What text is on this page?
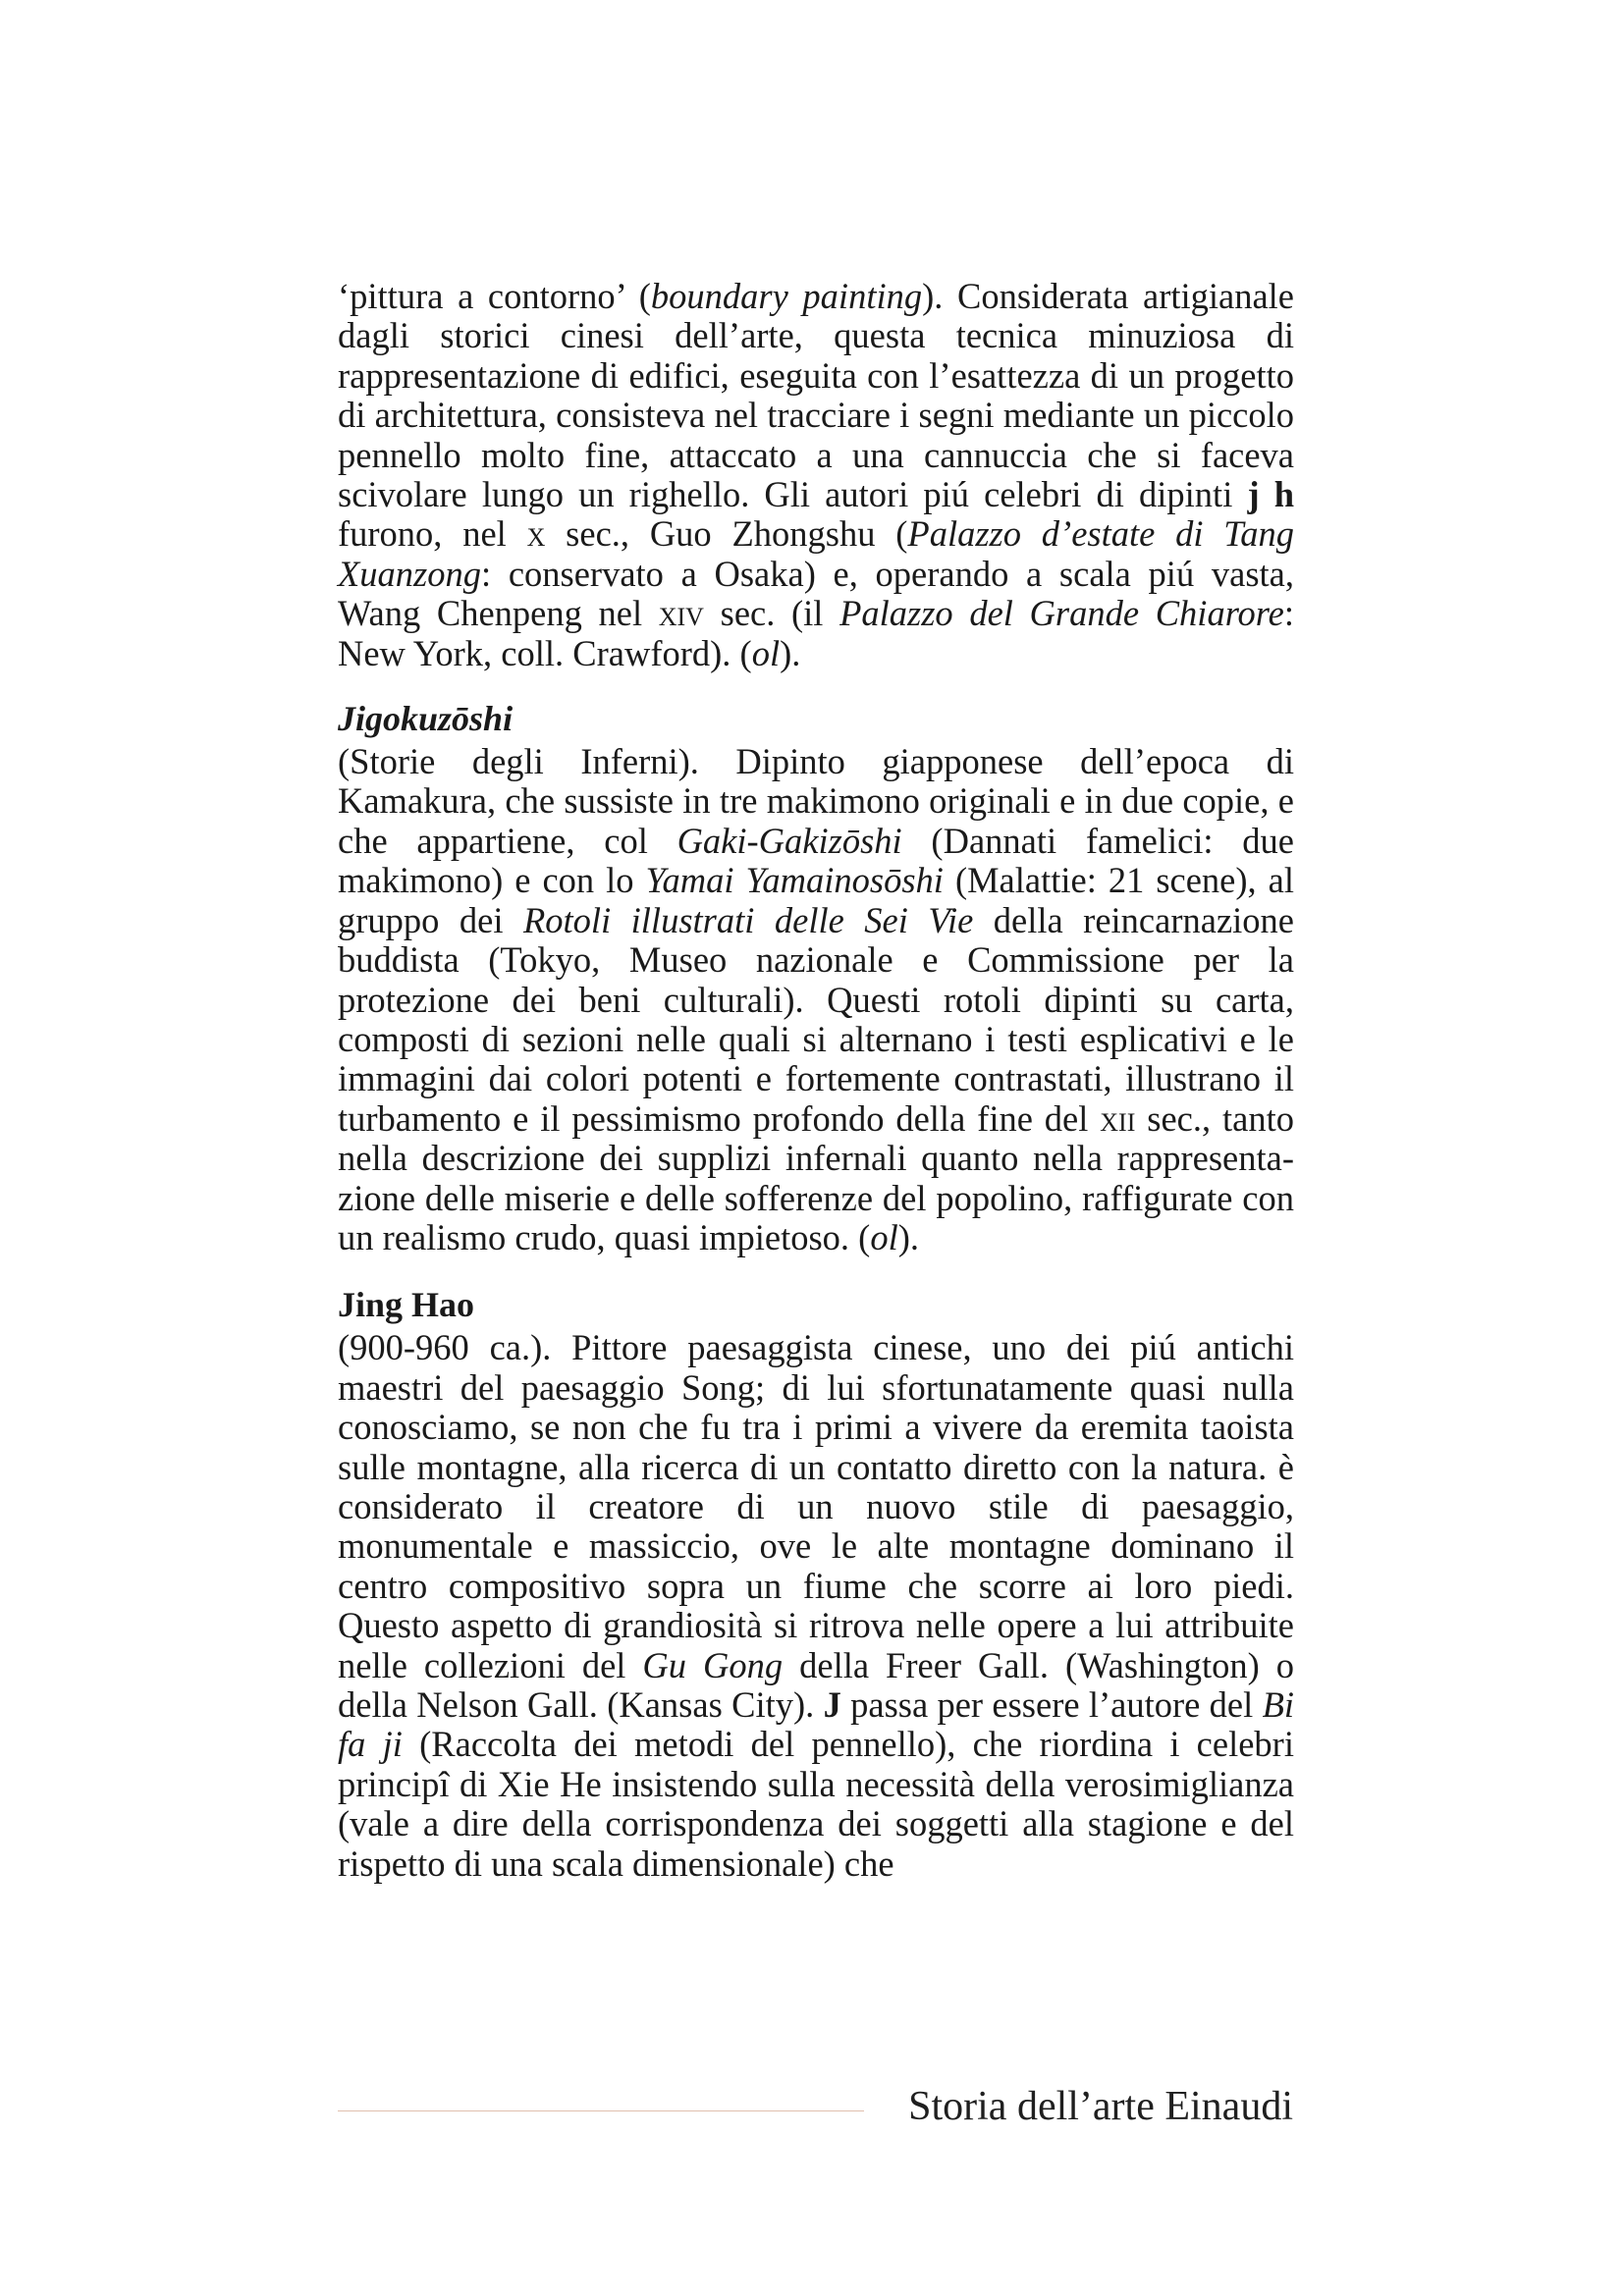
‘pittura a contorno’ (boundary painting). Considerata artigianale dagli storici cinesi dell’arte, questa tecnica minuziosa di rappresentazione di edifici, eseguita con l’esattezza di un progetto di architettura, consisteva nel tracciare i segni mediante un piccolo pennello molto fine, attaccato a una cannuccia che si faceva scivolare lungo un righello. Gli autori piú celebri di dipinti j h furono, nel x sec., Guo Zhongshu (Palazzo d’estate di Tang Xuanzong: conservato a Osaka) e, operando a scala piú vasta, Wang Chenpeng nel xiv sec. (il Palazzo del Grande Chiarore: New York, coll. Crawford). (ol).

Jigokuzōshi

(Storie degli Inferni). Dipinto giapponese dell’epoca di Kamakura, che sussiste in tre makimono originali e in due copie, e che appartiene, col Gaki-Gakizōshi (Dannati famelici: due makimono) e con lo Yamai Yamainosōshi (Malattie: 21 scene), al gruppo dei Rotoli illustrati delle Sei Vie della reincarnazione buddista (Tokyo, Museo nazionale e Commissione per la protezione dei beni culturali). Questi rotoli dipinti su carta, composti di sezioni nelle quali si alternano i testi esplicativi e le immagini dai colori potenti e fortemente contrastati, illustrano il turbamento e il pessimismo profondo della fine del xii sec., tanto nella descrizione dei supplizi infernali quanto nella rappresentazione delle miserie e delle sofferenze del popolino, raffigurate con un realismo crudo, quasi impietoso. (ol).

Jing Hao

(900-960 ca.). Pittore paesaggista cinese, uno dei piú antichi maestri del paesaggio Song; di lui sfortunatamente quasi nulla conosciamo, se non che fu tra i primi a vivere da eremita taoista sulle montagne, alla ricerca di un contatto diretto con la natura. è considerato il creatore di un nuovo stile di paesaggio, monumentale e massiccio, ove le alte montagne dominano il centro compositivo sopra un fiume che scorre ai loro piedi. Questo aspetto di grandiosità si ritrova nelle opere a lui attribuite nelle collezioni del Gu Gong della Freer Gall. (Washington) o della Nelson Gall. (Kansas City). J passa per essere l’autore del Bi fa ji (Raccolta dei metodi del pennello), che riordina i celebri principî di Xie He insistendo sulla necessità della verosimiglianza (vale a dire della corrispondenza dei soggetti alla stagione e del rispetto di una scala dimensionale) che

Storia dell’arte Einaudi
